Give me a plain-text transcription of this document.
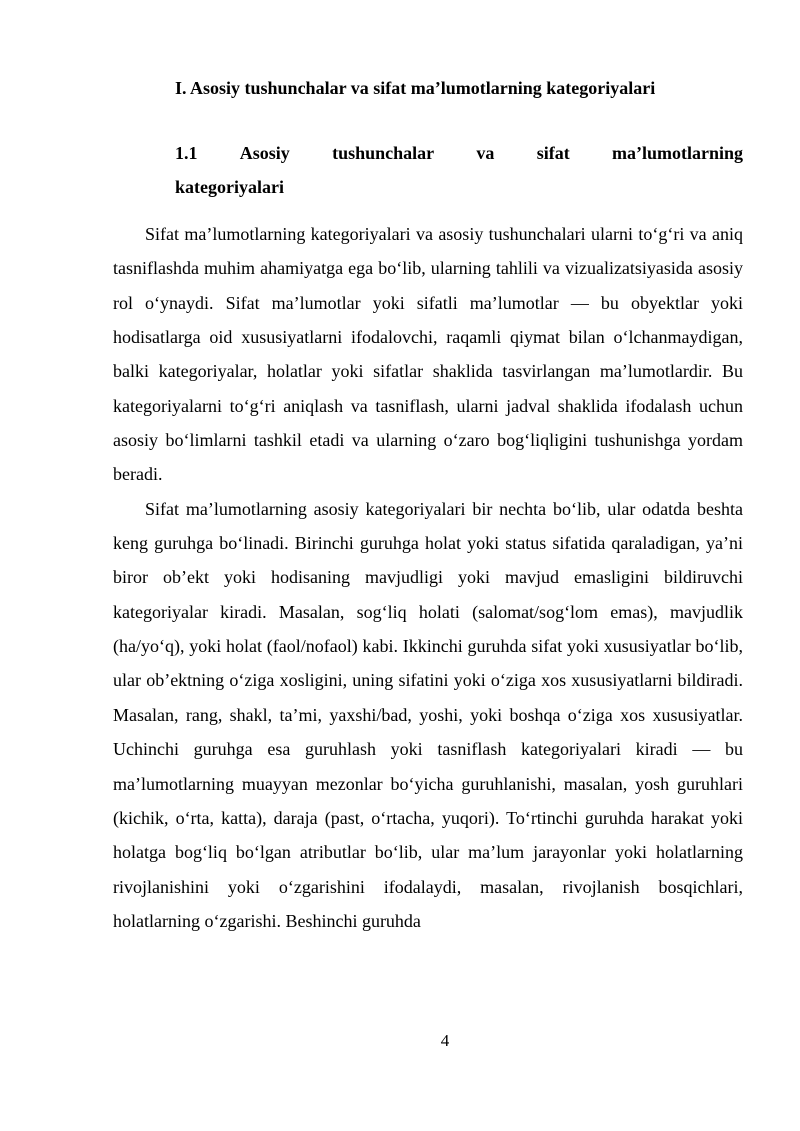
I. Asosiy tushunchalar va sifat ma’lumotlarning kategoriyalari
1.1 Asosiy tushunchalar va sifat ma’lumotlarning
kategoriyalari

Sifat ma’lumotlarning kategoriyalari va asosiy tushunchalari ularni to‘g‘ri va aniq tasniflashda muhim ahamiyatga ega bo‘lib, ularning tahlili va vizualizatsiyasida asosiy rol o‘ynaydi. Sifat ma’lumotlar yoki sifatli ma’lumotlar — bu obyektlar yoki hodisatlarga oid xususiyatlarni ifodalovchi, raqamli qiymat bilan o‘lchanmaydigan, balki kategoriyalar, holatlar yoki sifatlar shaklida tasvirlangan ma’lumotlardir. Bu kategoriyalarni to‘g‘ri aniqlash va tasniflash, ularni jadval shaklida ifodalash uchun asosiy bo‘limlarni tashkil etadi va ularning o‘zaro bog‘liqligini tushunishga yordam beradi.

Sifat ma’lumotlarning asosiy kategoriyalari bir nechta bo‘lib, ular odatda beshta keng guruhga bo‘linadi. Birinchi guruhga holat yoki status sifatida qaraladigan, ya’ni biror ob’ekt yoki hodisaning mavjudligi yoki mavjud emasligini bildiruvchi kategoriyalar kiradi. Masalan, sog‘liq holati (salomat/sog‘lom emas), mavjudlik (ha/yo‘q), yoki holat (faol/nofaol) kabi. Ikkinchi guruhda sifat yoki xususiyatlar bo‘lib, ular ob’ektning o‘ziga xosligini, uning sifatini yoki o‘ziga xos xususiyatlarni bildiradi. Masalan, rang, shakl, ta’mi, yaxshi/bad, yoshi, yoki boshqa o‘ziga xos xususiyatlar. Uchinchi guruhga esa guruhlash yoki tasniflash kategoriyalari kiradi — bu ma’lumotlarning muayyan mezonlar bo‘yicha guruhlanishi, masalan, yosh guruhlari (kichik, o‘rta, katta), daraja (past, o‘rtacha, yuqori). To‘rtinchi guruhda harakat yoki holatga bog‘liq bo‘lgan atributlar bo‘lib, ular ma’lum jarayonlar yoki holatlarning rivojlanishini yoki o‘zgarishini ifodalaydi, masalan, rivojlanish bosqichlari, holatlarning o‘zgarishi. Beshinchi guruhda

4
